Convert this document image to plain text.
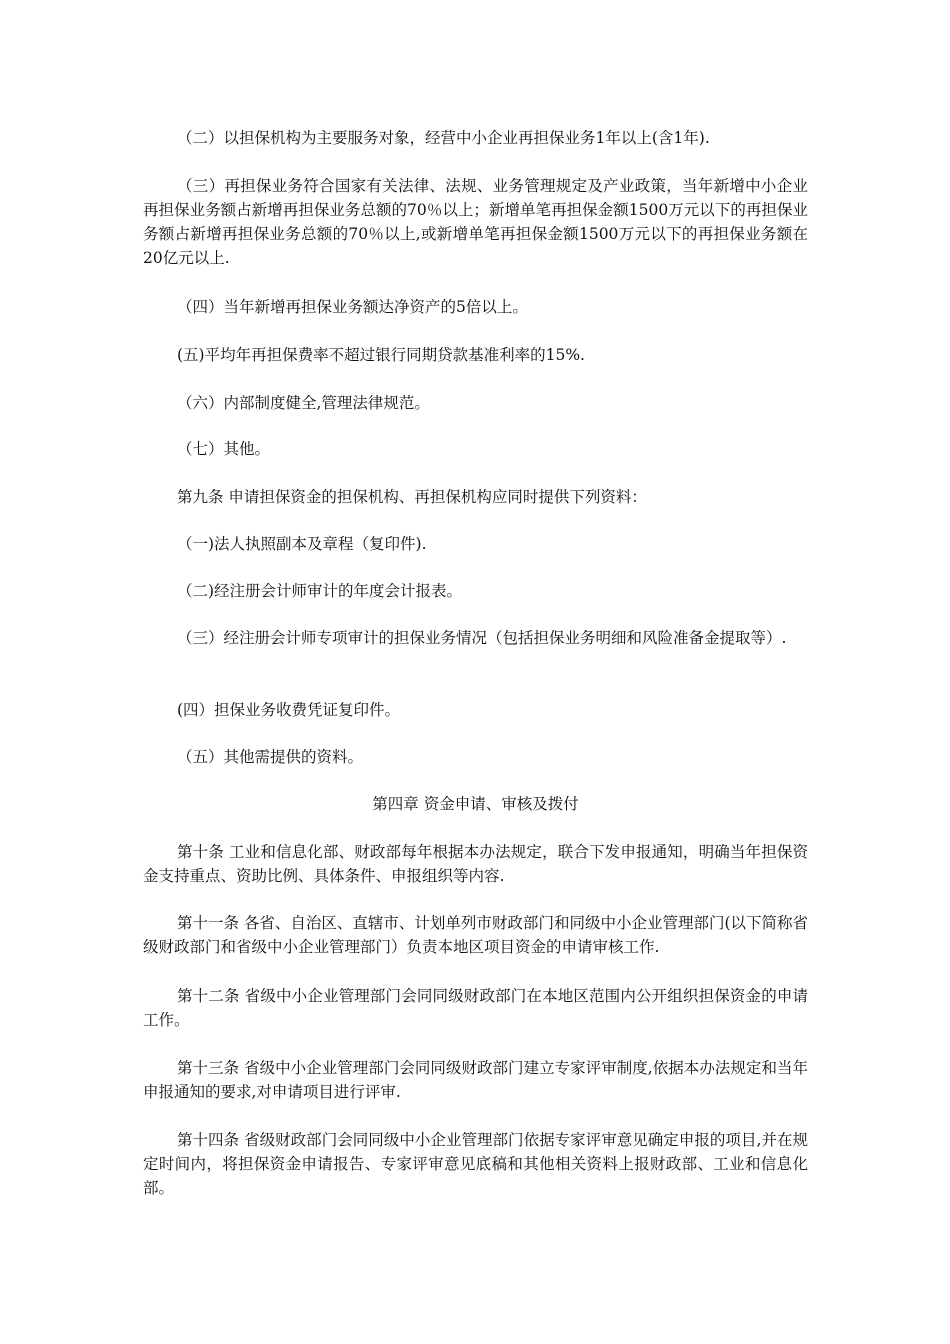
（二）以担保机构为主要服务对象，经营中小企业再担保业务1年以上(含1年).

（三）再担保业务符合国家有关法律、法规、业务管理规定及产业政策，当年新增中小企业再担保业务额占新增再担保业务总额的70％以上；新增单笔再担保金额1500万元以下的再担保业务额占新增再担保业务总额的70％以上,或新增单笔再担保金额1500万元以下的再担保业务额在20亿元以上.

（四）当年新增再担保业务额达净资产的5倍以上。

(五)平均年再担保费率不超过银行同期贷款基准利率的15%.

（六）内部制度健全,管理法律规范。

（七）其他。

第九条 申请担保资金的担保机构、再担保机构应同时提供下列资料：

（一)法人执照副本及章程（复印件).

（二)经注册会计师审计的年度会计报表。

（三）经注册会计师专项审计的担保业务情况（包括担保业务明细和风险准备金提取等）.

(四）担保业务收费凭证复印件。

（五）其他需提供的资料。

第四章 资金申请、审核及拨付

第十条 工业和信息化部、财政部每年根据本办法规定，联合下发申报通知，明确当年担保资金支持重点、资助比例、具体条件、申报组织等内容.

第十一条 各省、自治区、直辖市、计划单列市财政部门和同级中小企业管理部门(以下简称省级财政部门和省级中小企业管理部门）负责本地区项目资金的申请审核工作.

第十二条 省级中小企业管理部门会同同级财政部门在本地区范围内公开组织担保资金的申请工作。

第十三条 省级中小企业管理部门会同同级财政部门建立专家评审制度,依据本办法规定和当年申报通知的要求,对申请项目进行评审.

第十四条 省级财政部门会同同级中小企业管理部门依据专家评审意见确定申报的项目,并在规定时间内，将担保资金申请报告、专家评审意见底稿和其他相关资料上报财政部、工业和信息化部。
